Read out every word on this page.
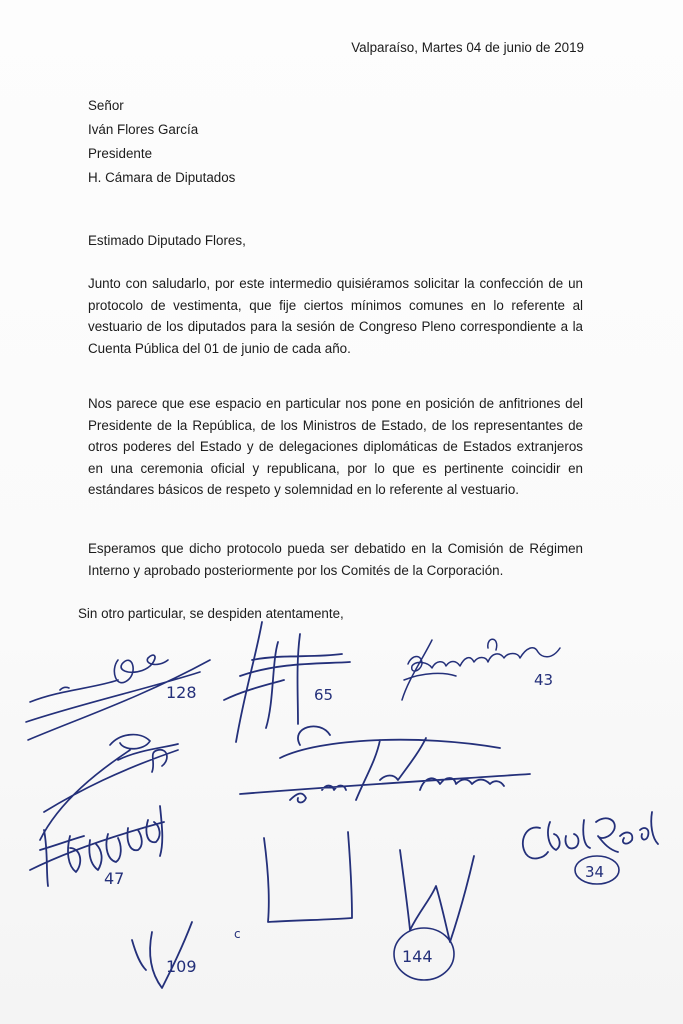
Valparaíso, Martes 04 de junio de 2019
Señor
Iván Flores García
Presidente
H. Cámara de Diputados
Estimado Diputado Flores,

Junto con saludarlo, por este intermedio quisiéramos solicitar la confección de un protocolo de vestimenta, que fije ciertos mínimos comunes en lo referente al vestuario de los diputados para la sesión de Congreso Pleno correspondiente a la Cuenta Pública del 01 de junio de cada año.

Nos parece que ese espacio en particular nos pone en posición de anfitriones del Presidente de la República, de los Ministros de Estado, de los representantes de otros poderes del Estado y de delegaciones diplomáticas de Estados extranjeros en una ceremonia oficial y republicana, por lo que es pertinente coincidir en estándares básicos de respeto y solemnidad en lo referente al vestuario.

Esperamos que dicho protocolo pueda ser debatido en la Comisión de Régimen Interno y aprobado posteriormente por los Comités de la Corporación.

Sin otro particular, se despiden atentamente,
128	65
43
47	34
109
c
144
